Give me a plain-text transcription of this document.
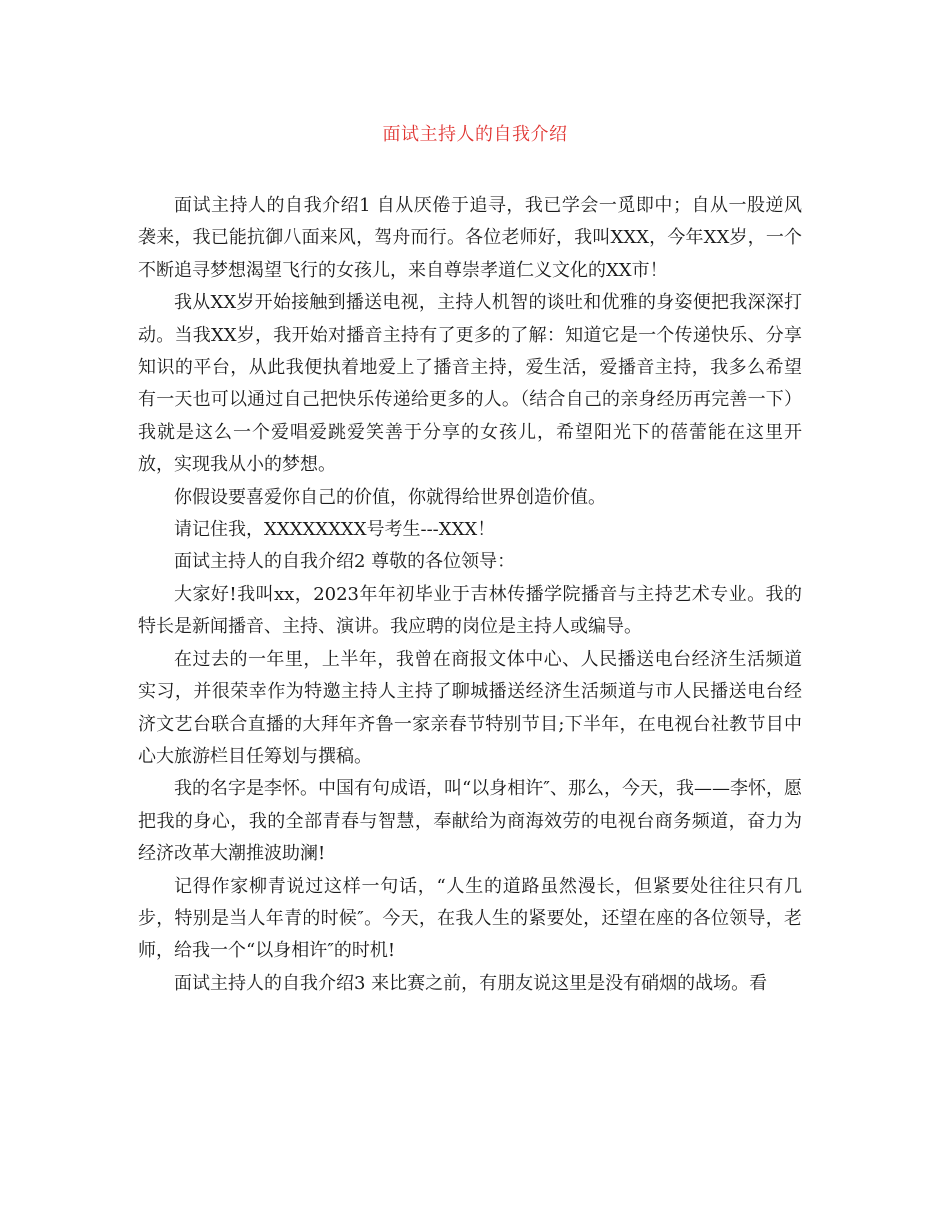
面试主持人的自我介绍

面试主持人的自我介绍1 自从厌倦于追寻，我已学会一觅即中；自从一股逆风袭来，我已能抗御八面来风，驾舟而行。各位老师好，我叫XXX，今年XX岁，一个不断追寻梦想渴望飞行的女孩儿，来自尊崇孝道仁义文化的XX市！

我从XX岁开始接触到播送电视，主持人机智的谈吐和优雅的身姿便把我深深打动。当我XX岁，我开始对播音主持有了更多的了解：知道它是一个传递快乐、分享知识的平台，从此我便执着地爱上了播音主持，爱生活，爱播音主持，我多么希望有一天也可以通过自己把快乐传递给更多的人。（结合自己的亲身经历再完善一下）我就是这么一个爱唱爱跳爱笑善于分享的女孩儿，希望阳光下的蓓蕾能在这里开放，实现我从小的梦想。

你假设要喜爱你自己的价值，你就得给世界创造价值。

请记住我，XXXXXXXX号考生---XXX！

面试主持人的自我介绍2 尊敬的各位领导：

大家好!我叫xx，2023年年初毕业于吉林传播学院播音与主持艺术专业。我的特长是新闻播音、主持、演讲。我应聘的岗位是主持人或编导。

在过去的一年里，上半年，我曾在商报文体中心、人民播送电台经济生活频道实习，并很荣幸作为特邀主持人主持了聊城播送经济生活频道与市人民播送电台经济文艺台联合直播的大拜年齐鲁一家亲春节特别节目;下半年，在电视台社教节目中心大旅游栏目任筹划与撰稿。

我的名字是李怀。中国有句成语，叫“以身相许″、那么，今天，我——李怀，愿把我的身心，我的全部青春与智慧，奉献给为商海效劳的电视台商务频道，奋力为经济改革大潮推波助澜!

记得作家柳青说过这样一句话，“人生的道路虽然漫长，但紧要处往往只有几步，特别是当人年青的时候″。今天，在我人生的紧要处，还望在座的各位领导，老师，给我一个“以身相许″的时机!

面试主持人的自我介绍3 来比赛之前，有朋友说这里是没有硝烟的战场。看
